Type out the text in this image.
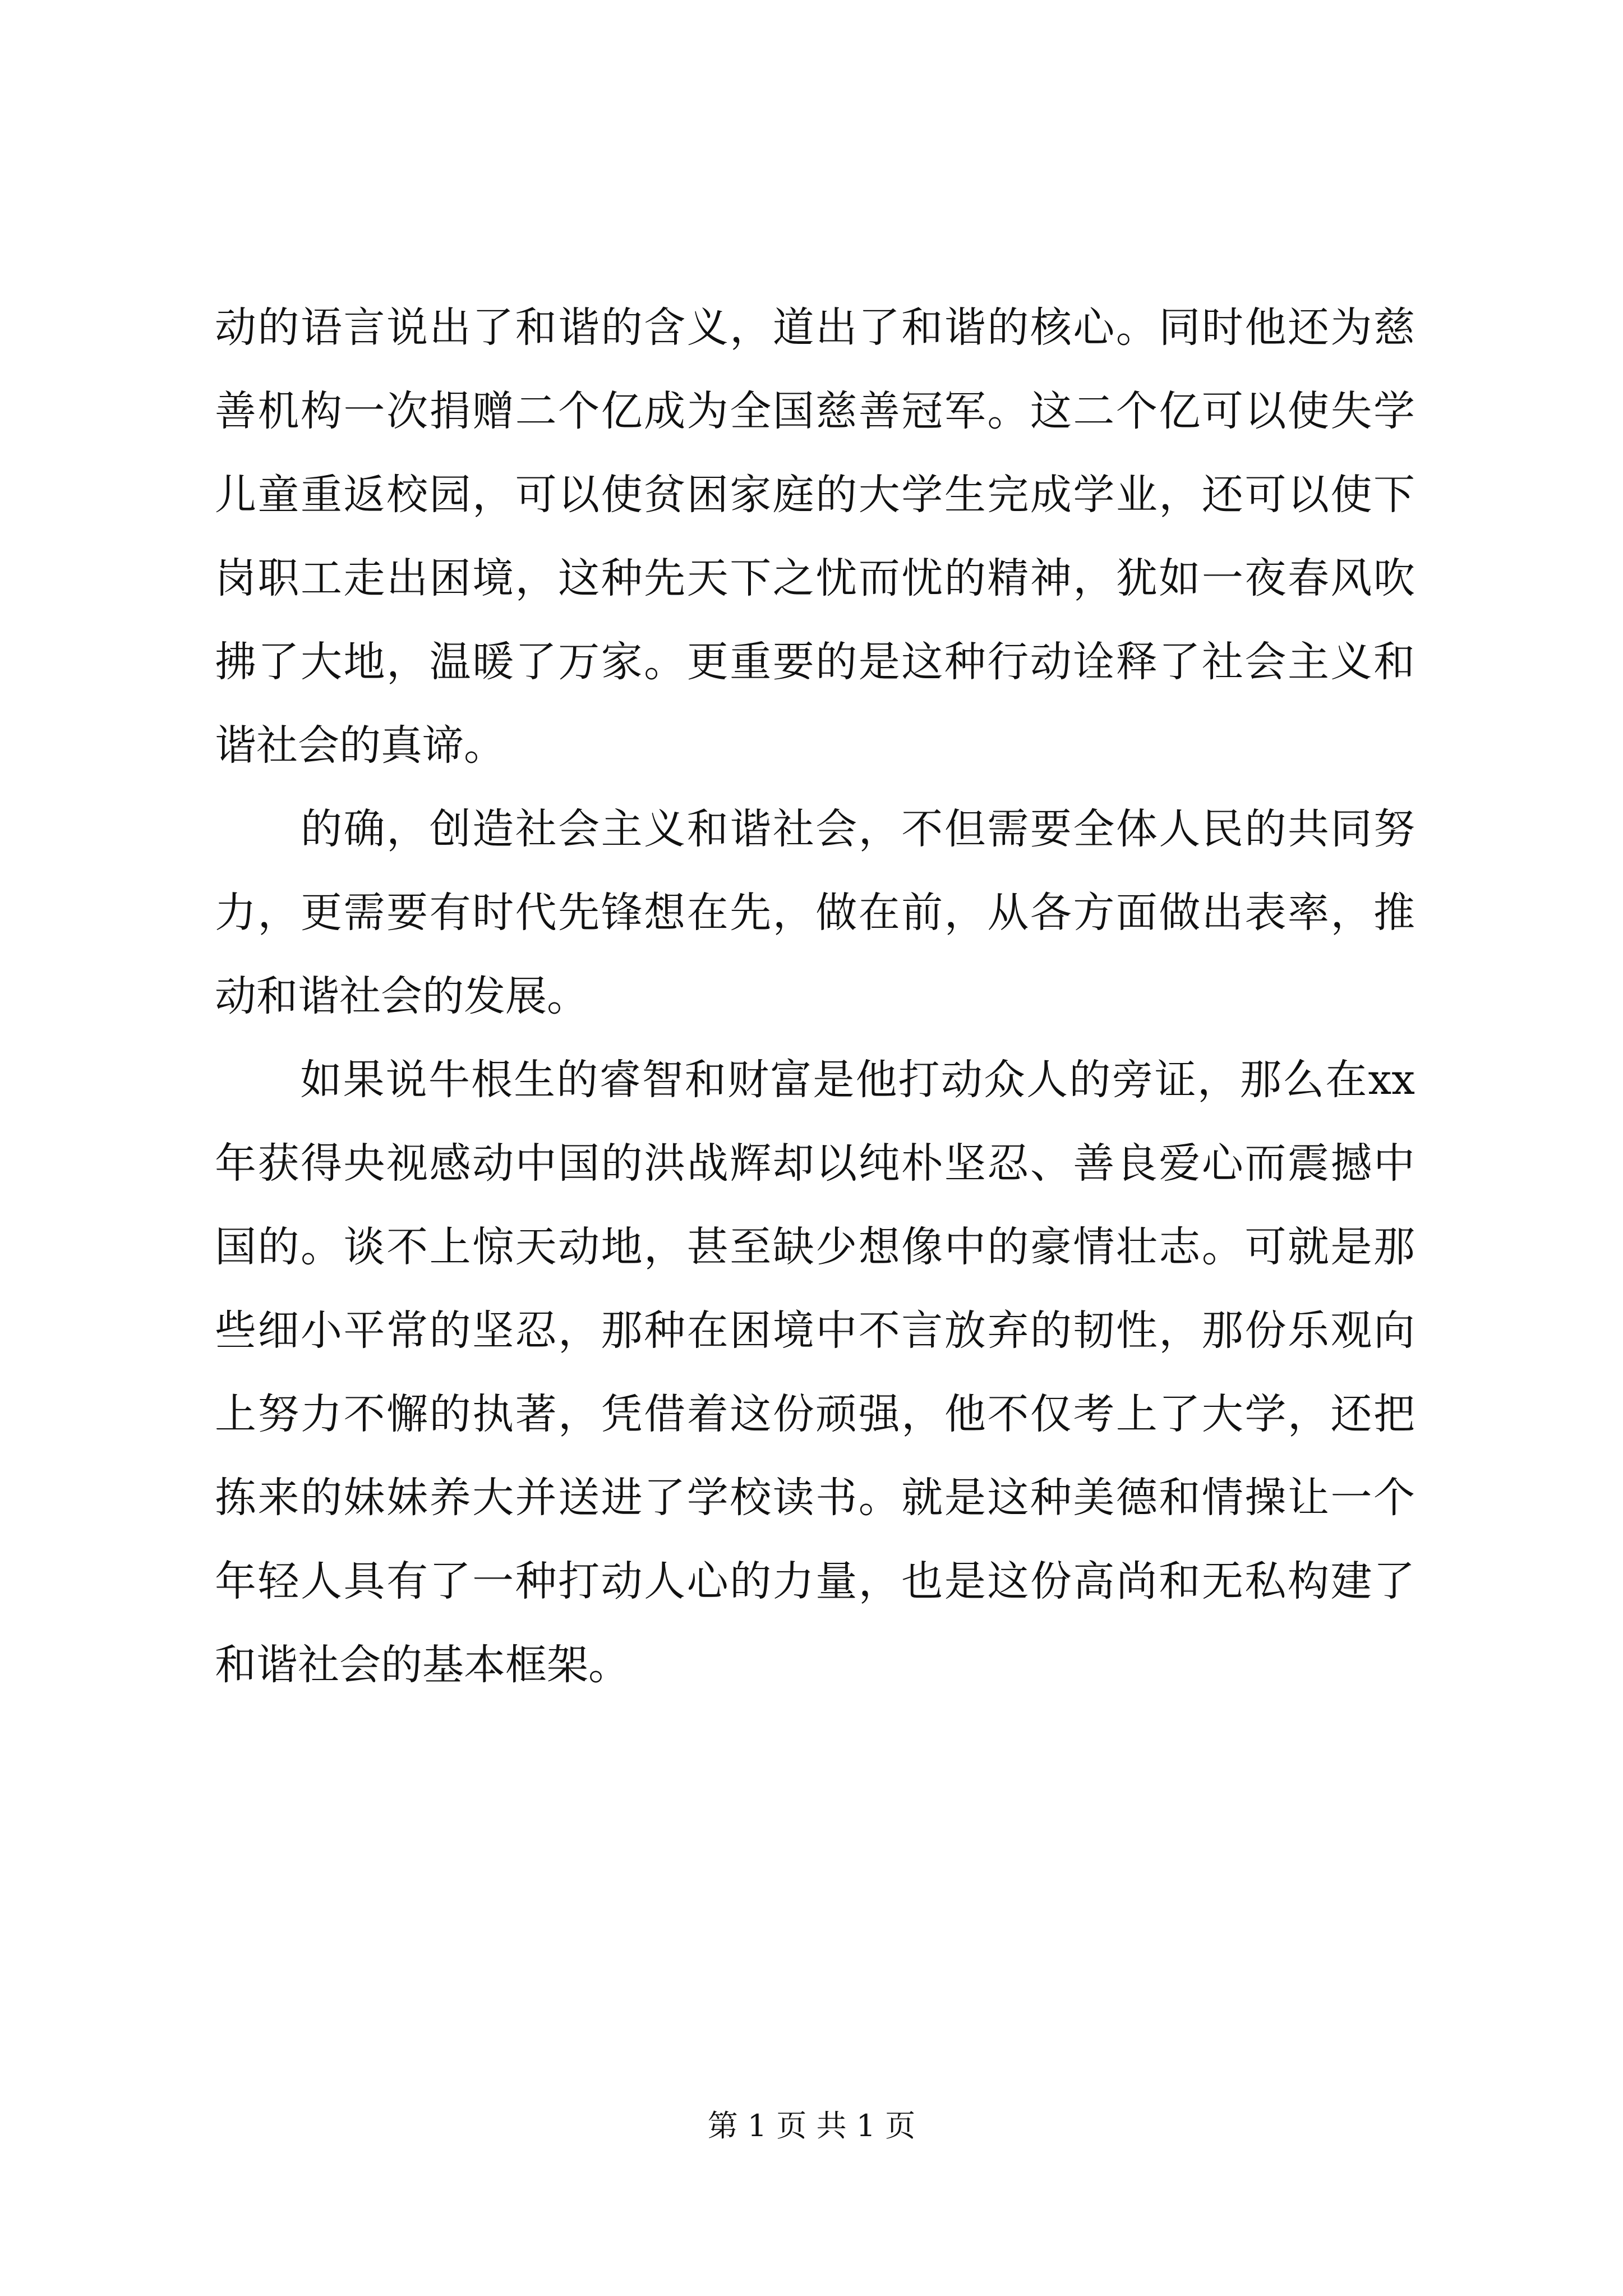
动的语言说出了和谐的含义，道出了和谐的核心。同时他还为慈
善机构一次捐赠二个亿成为全国慈善冠军。这二个亿可以使失学
儿童重返校园，可以使贫困家庭的大学生完成学业，还可以使下
岗职工走出困境，这种先天下之忧而忧的精神，犹如一夜春风吹
拂了大地，温暖了万家。更重要的是这种行动诠释了社会主义和
谐社会的真谛。
　　的确，创造社会主义和谐社会，不但需要全体人民的共同努
力，更需要有时代先锋想在先，做在前，从各方面做出表率，推
动和谐社会的发展。
　　如果说牛根生的睿智和财富是他打动众人的旁证，那么在xx
年获得央视感动中国的洪战辉却以纯朴坚忍、善良爱心而震撼中
国的。谈不上惊天动地，甚至缺少想像中的豪情壮志。可就是那
些细小平常的坚忍，那种在困境中不言放弃的韧性，那份乐观向
上努力不懈的执著，凭借着这份顽强，他不仅考上了大学，还把
拣来的妹妹养大并送进了学校读书。就是这种美德和情操让一个
年轻人具有了一种打动人心的力量，也是这份高尚和无私构建了
和谐社会的基本框架。
第 1 页 共 1 页
